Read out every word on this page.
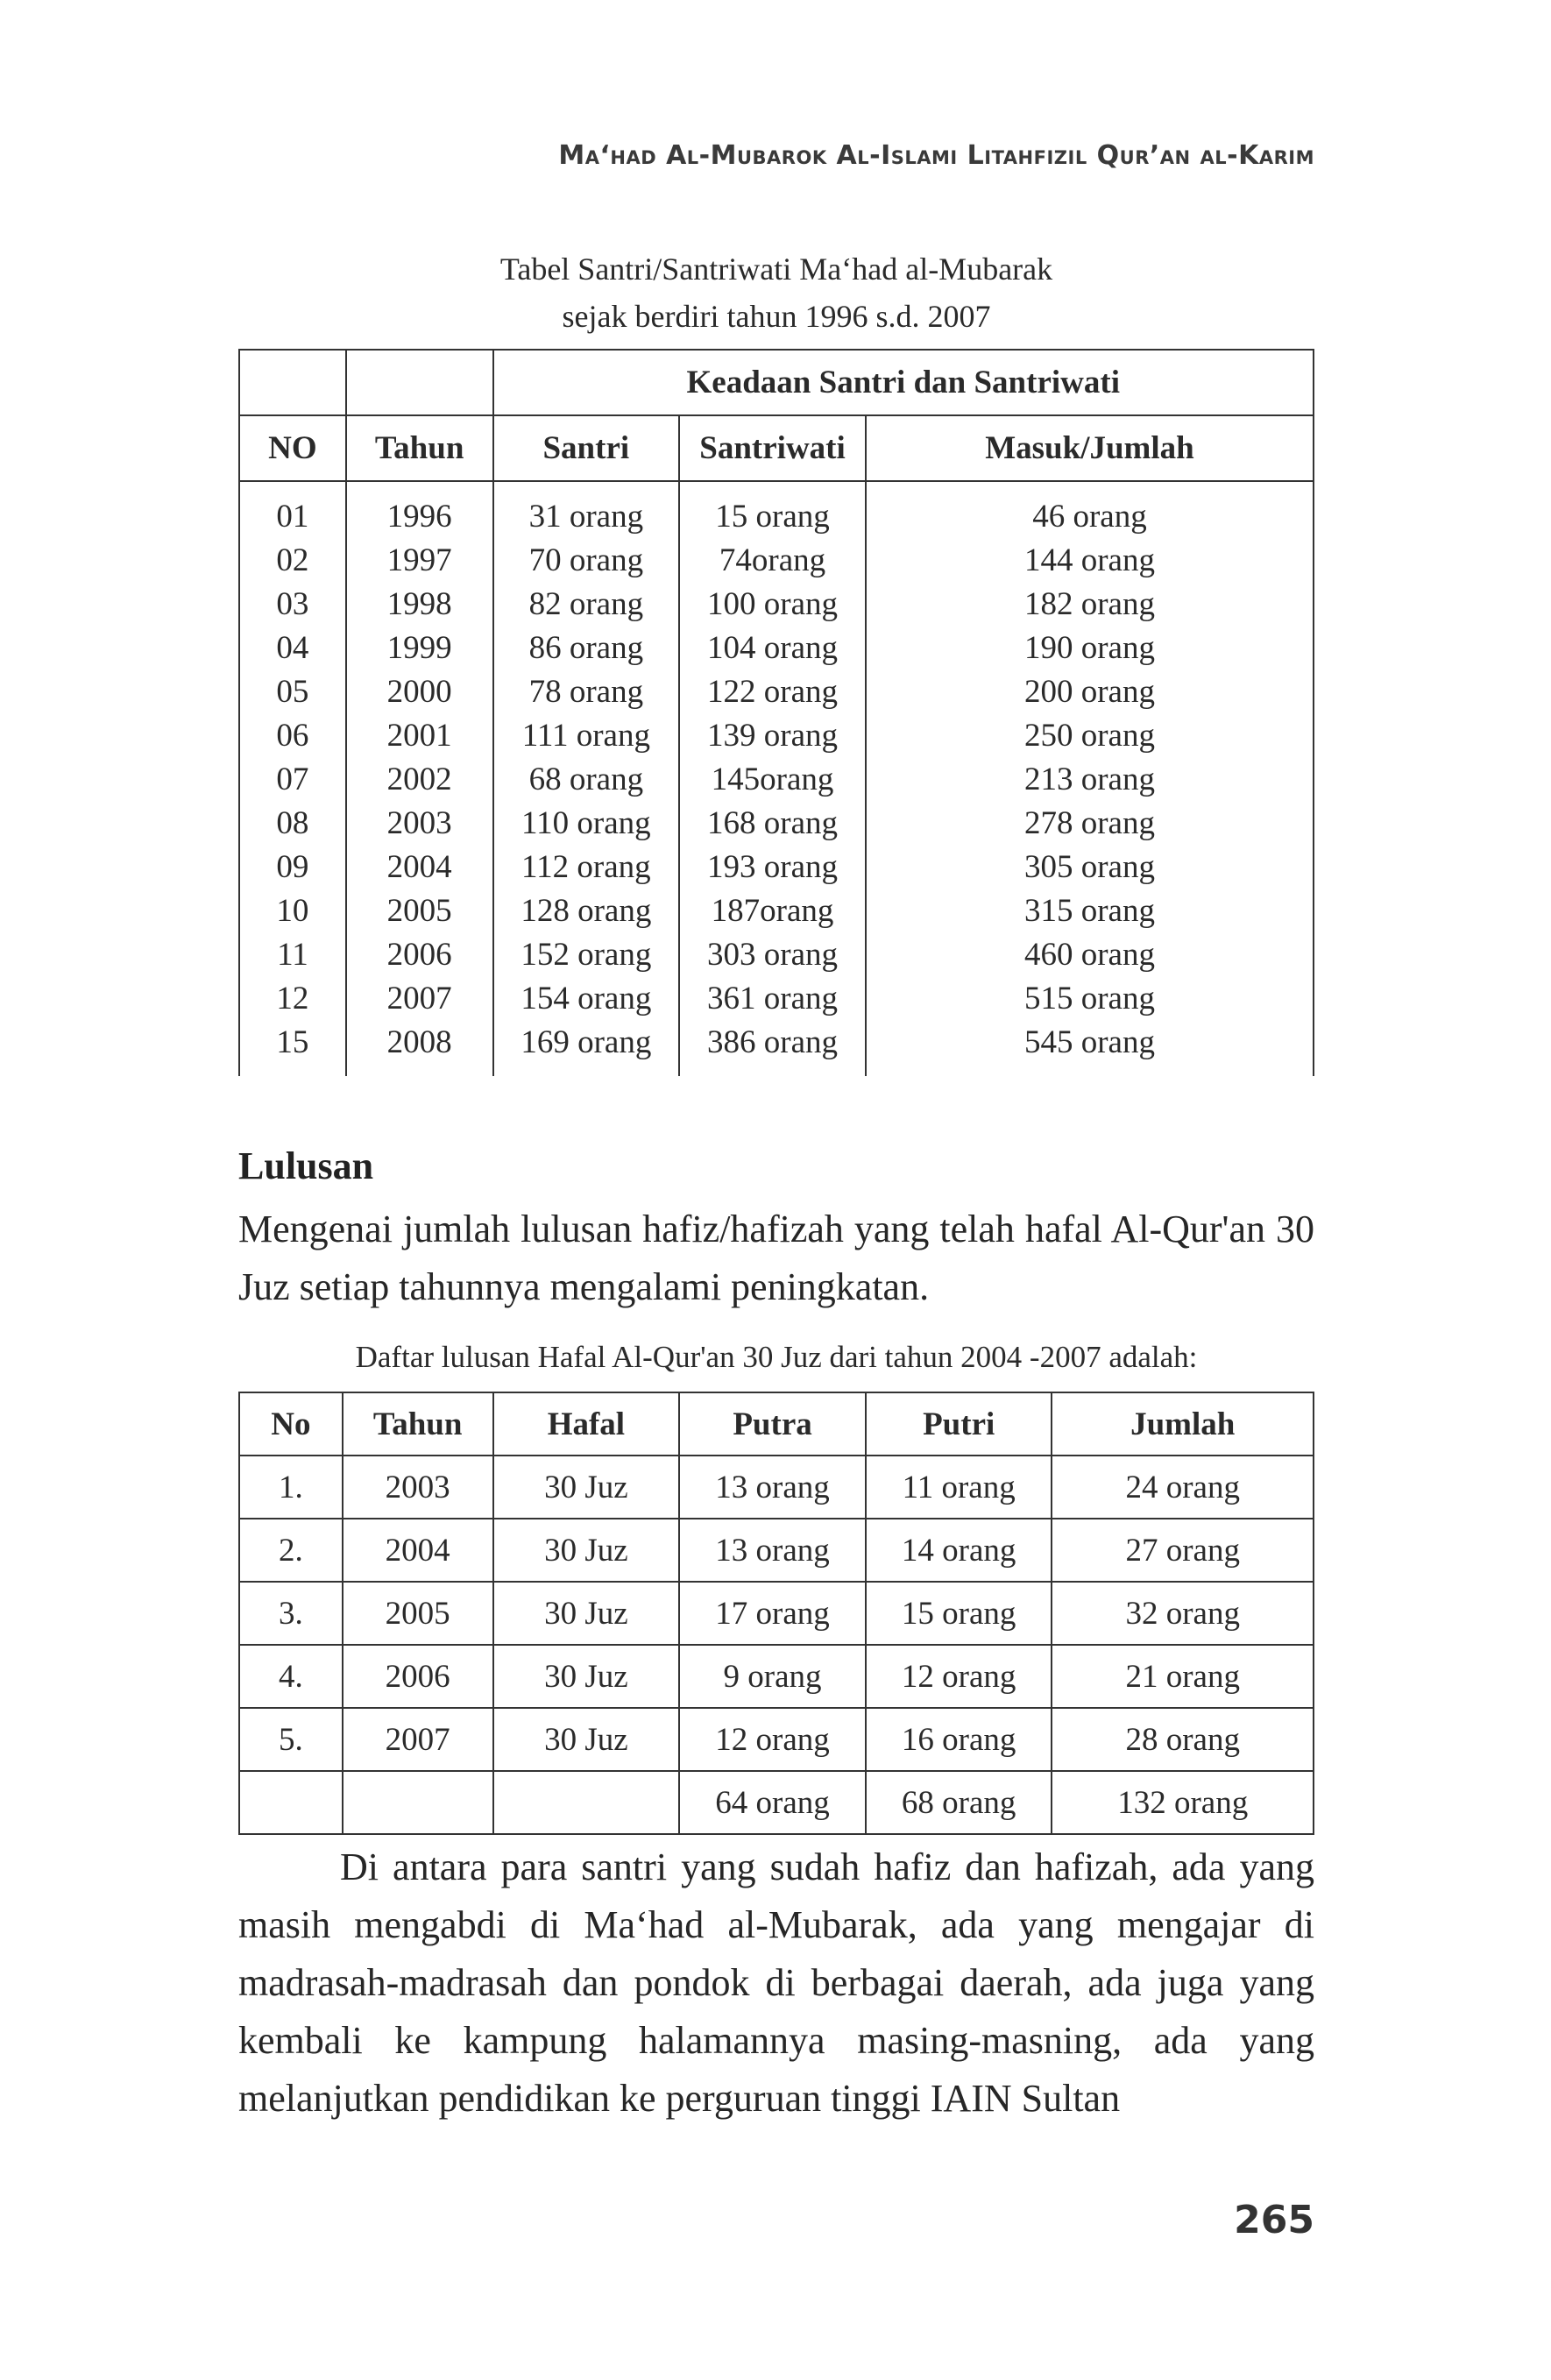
Ma‘had Al-Mubarok Al-Islami Litahfizil Qur’an al-Karim
Tabel Santri/Santriwati Ma‘had al-Mubarak
sejak berdiri tahun 1996 s.d. 2007
		Keadaan Santri dan Santriwati		
NO	Tahun	Santri	Santriwati	Masuk/Jumlah
01	1996	31 orang	15 orang	46 orang
02	1997	70 orang	74orang	144 orang
03	1998	82 orang	100 orang	182 orang
04	1999	86 orang	104 orang	190 orang
05	2000	78 orang	122 orang	200 orang
06	2001	111 orang	139 orang	250 orang
07	2002	68 orang	145orang	213 orang
08	2003	110 orang	168 orang	278 orang
09	2004	112 orang	193 orang	305 orang
10	2005	128 orang	187orang	315 orang
11	2006	152 orang	303 orang	460 orang
12	2007	154 orang	361 orang	515 orang
15	2008	169 orang	386 orang	545 orang
Lulusan
Mengenai jumlah lulusan hafiz/hafizah yang telah hafal Al-Qur'an 30 Juz setiap tahunnya mengalami peningkatan.
Daftar lulusan Hafal Al-Qur'an 30 Juz dari tahun 2004 -2007 adalah:
No	Tahun	Hafal	Putra	Putri	Jumlah
1.	2003	30 Juz	13 orang	11 orang	24 orang
2.	2004	30 Juz	13 orang	14 orang	27 orang
3.	2005	30 Juz	17 orang	15 orang	32 orang
4.	2006	30 Juz	9 orang	12 orang	21 orang
5.	2007	30 Juz	12 orang	16 orang	28 orang
			64 orang	68 orang	132 orang
Di antara para santri yang sudah hafiz dan hafizah, ada yang masih mengabdi di Ma‘had al-Mubarak, ada yang mengajar di madrasah-madrasah dan pondok di berbagai daerah, ada juga yang kembali ke kampung halamannya masing-masning, ada yang melanjutkan pendidikan ke perguruan tinggi IAIN Sultan
265
